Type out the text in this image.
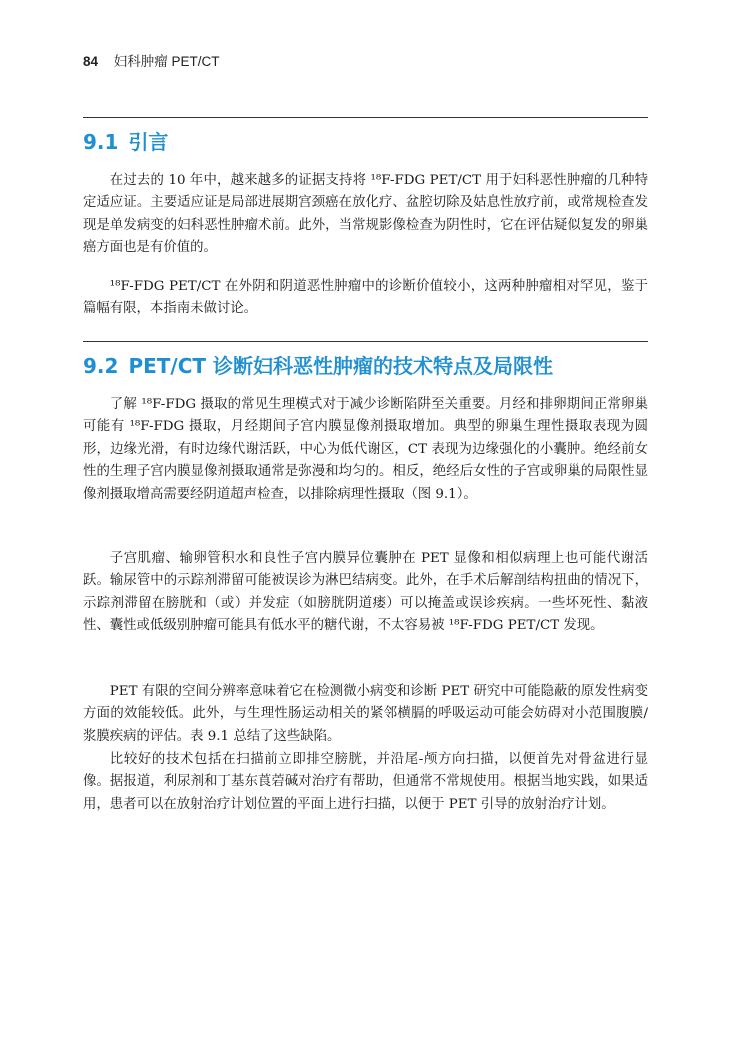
84 妇科肿瘤 PET/CT
9.1 引言

在过去的 10 年中，越来越多的证据支持将 ¹⁸F-FDG PET/CT 用于妇科恶性肿瘤的几种特定适应证。主要适应证是局部进展期宫颈癌在放化疗、盆腔切除及姑息性放疗前，或常规检查发现是单发病变的妇科恶性肿瘤术前。此外，当常规影像检查为阴性时，它在评估疑似复发的卵巢癌方面也是有价值的。

¹⁸F-FDG PET/CT 在外阴和阴道恶性肿瘤中的诊断价值较小，这两种肿瘤相对罕见，鉴于篇幅有限，本指南未做讨论。

9.2 PET/CT 诊断妇科恶性肿瘤的技术特点及局限性

了解 ¹⁸F-FDG 摄取的常见生理模式对于减少诊断陷阱至关重要。月经和排卵期间正常卵巢可能有 ¹⁸F-FDG 摄取，月经期间子宫内膜显像剂摄取增加。典型的卵巢生理性摄取表现为圆形，边缘光滑，有时边缘代谢活跃，中心为低代谢区，CT 表现为边缘强化的小囊肿。绝经前女性的生理子宫内膜显像剂摄取通常是弥漫和均匀的。相反，绝经后女性的子宫或卵巢的局限性显像剂摄取增高需要经阴道超声检查，以排除病理性摄取（图 9.1）。

子宫肌瘤、输卵管积水和良性子宫内膜异位囊肿在 PET 显像和相似病理上也可能代谢活跃。输尿管中的示踪剂滞留可能被误诊为淋巴结病变。此外，在手术后解剖结构扭曲的情况下，示踪剂滞留在膀胱和（或）并发症（如膀胱阴道瘘）可以掩盖或误诊疾病。一些坏死性、黏液性、囊性或低级别肿瘤可能具有低水平的糖代谢，不太容易被 ¹⁸F-FDG PET/CT 发现。

PET 有限的空间分辨率意味着它在检测微小病变和诊断 PET 研究中可能隐蔽的原发性病变方面的效能较低。此外，与生理性肠运动相关的紧邻横膈的呼吸运动可能会妨碍对小范围腹膜/浆膜疾病的评估。表 9.1 总结了这些缺陷。

比较好的技术包括在扫描前立即排空膀胱，并沿尾-颅方向扫描，以便首先对骨盆进行显像。据报道，利尿剂和丁基东莨菪碱对治疗有帮助，但通常不常规使用。根据当地实践，如果适用，患者可以在放射治疗计划位置的平面上进行扫描，以便于 PET 引导的放射治疗计划。
